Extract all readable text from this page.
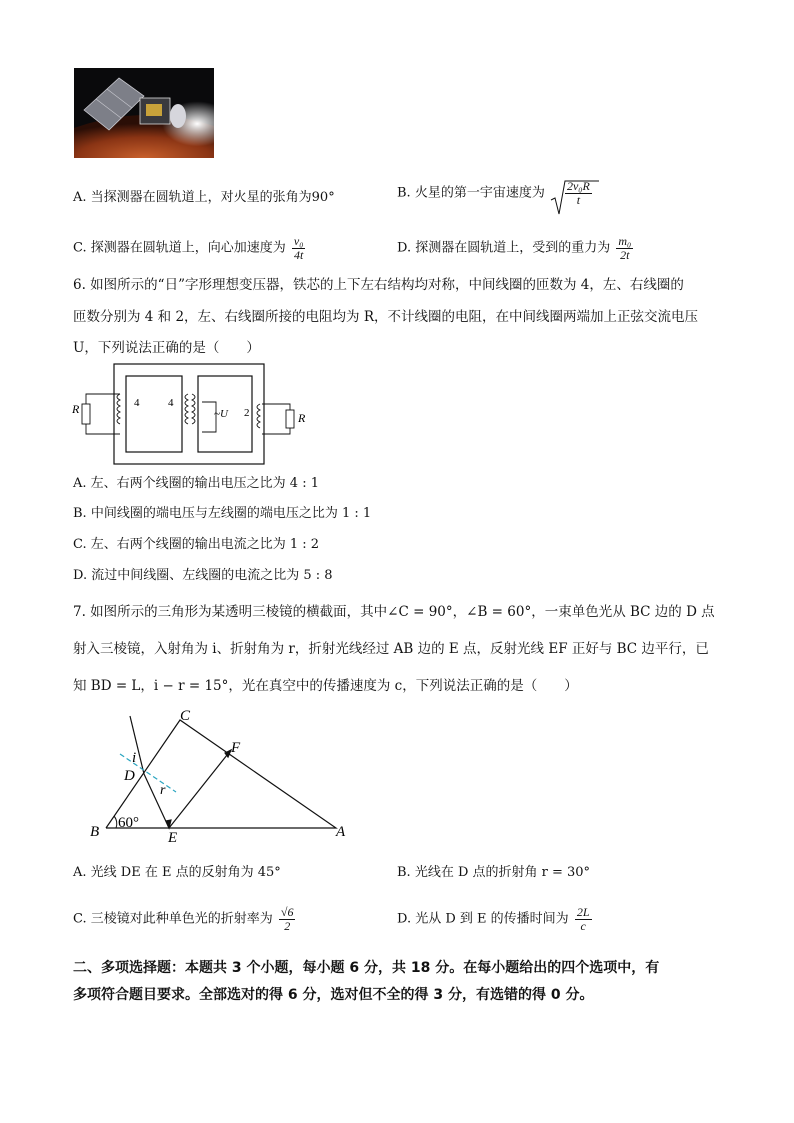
A. 当探测器在圆轨道上，对火星的张角为90°	B. 火星的第一宇宙速度为 $\frac{\text{2v₀R}}{t}$
C. 探测器在圆轨道上，向心加速度为 $\frac{\text{v₀}}{4t}$	D. 探测器在圆轨道上，受到的重力为 $\frac{\text{m₀}}{2t}$
6. 如图所示的“日”字形理想变压器，铁芯的上下左右结构均对称，中间线圈的匝数为 4，左、右线圈的
匝数分别为 4 和 2，左、右线圈所接的电阻均为 R，不计线圈的电阻，在中间线圈两端加上正弦交流电压
U，下列说法正确的是（　　）
R	4	4
~U 2	R
A. 左、右两个线圈的输出电压之比为 4 : 1
B. 中间线圈的端电压与左线圈的端电压之比为 1 : 1
C. 左、右两个线圈的输出电流之比为 1 : 2
D. 流过中间线圈、左线圈的电流之比为 5 : 8
7. 如图所示的三角形为某透明三棱镜的横截面，其中∠C = 90°，∠B = 60°，一束单色光从 BC 边的 D 点
射入三棱镜，入射角为 i、折射角为 r，折射光线经过 AB 边的 E 点，反射光线 EF 正好与 BC 边平行，已
知 BD = L，i − r = 15°，光在真空中的传播速度为 c，下列说法正确的是（　　）
C
F
i
D
r
B
60°
E	A
A. 光线 DE 在 E 点的反射角为 45°	B. 光线在 D 点的折射角 r = 30°
C. 三棱镜对此种单色光的折射率为 $\frac{√6}{2}$	D. 光从 D 到 E 的传播时间为 $\frac{2L}{c}$
二、多项选择题：本题共 3 个小题，每小题 6 分，共 18 分。在每小题给出的四个选项中，有
多项符合题目要求。全部选对的得 6 分，选对但不全的得 3 分，有选错的得 0 分。
